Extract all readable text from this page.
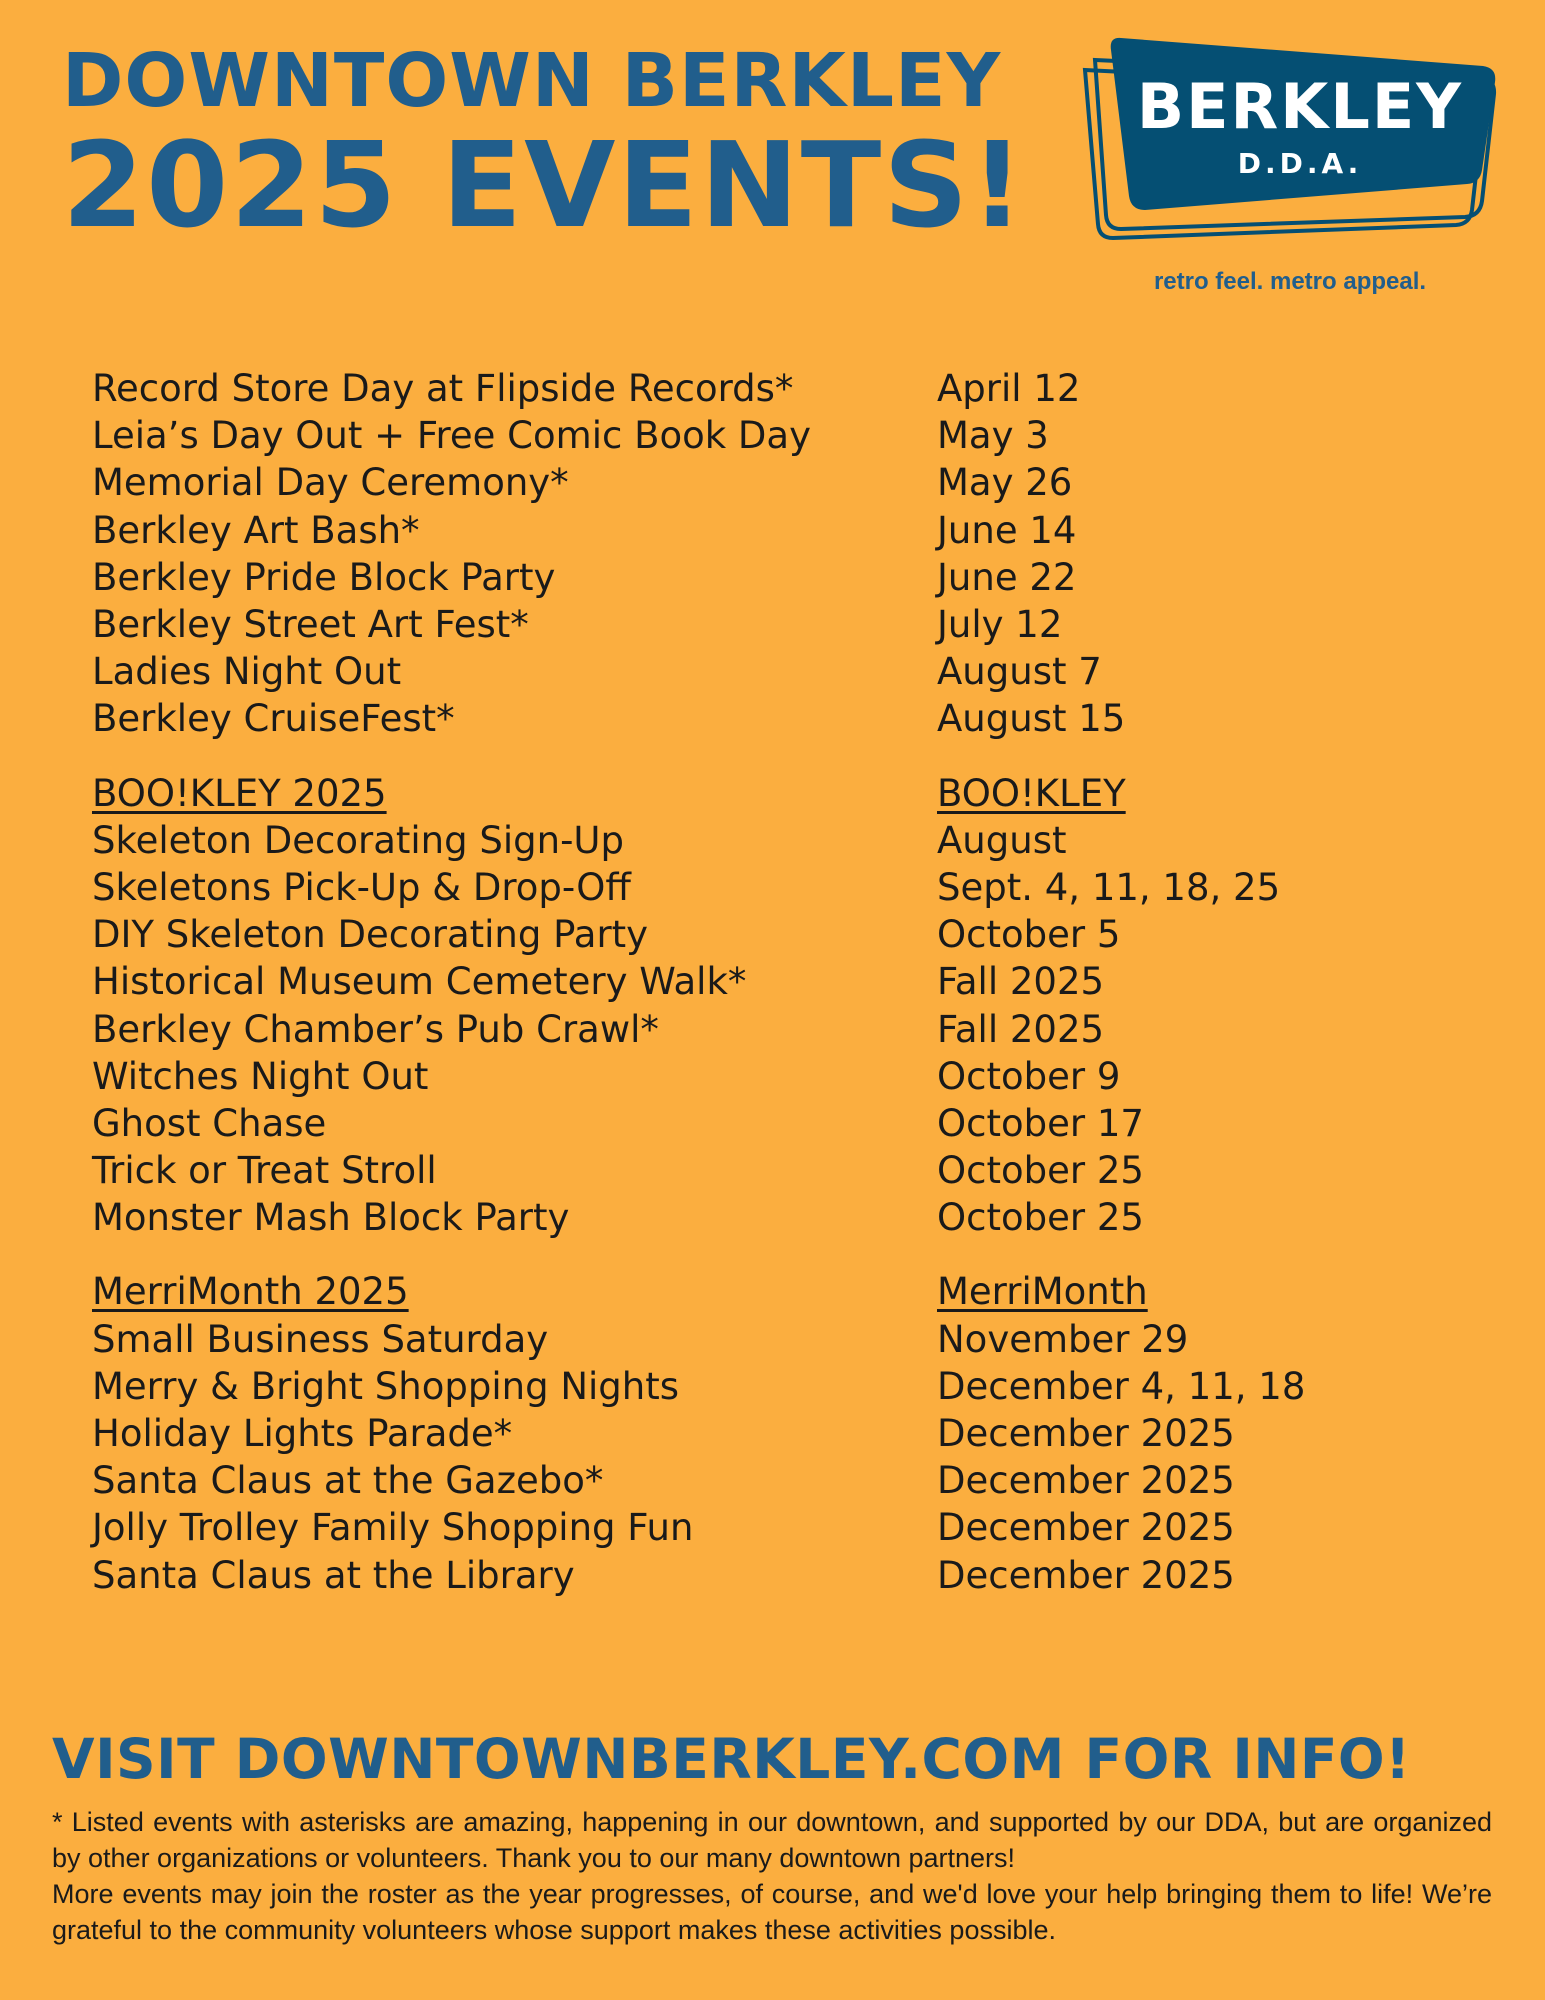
DOWNTOWN BERKLEY
2025 EVENTS!
BERKLEY
D.D.A.
retro feel. metro appeal.
Record Store Day at Flipside Records*	April 12
Leia’s Day Out + Free Comic Book Day	May 3
Memorial Day Ceremony*	May 26
Berkley Art Bash*	June 14
Berkley Pride Block Party	June 22
Berkley Street Art Fest*	July 12
Ladies Night Out	August 7
Berkley CruiseFest*	August 15
BOO!KLEY 2025	BOO!KLEY
Skeleton Decorating Sign-Up	August
Skeletons Pick-Up & Drop-Off	Sept. 4, 11, 18, 25
DIY Skeleton Decorating Party	October 5
Historical Museum Cemetery Walk*	Fall 2025
Berkley Chamber’s Pub Crawl*	Fall 2025
Witches Night Out	October 9
Ghost Chase	October 17
Trick or Treat Stroll	October 25
Monster Mash Block Party	October 25
MerriMonth 2025	MerriMonth
Small Business Saturday	November 29
Merry & Bright Shopping Nights	December 4, 11, 18
Holiday Lights Parade*	December 2025
Santa Claus at the Gazebo*	December 2025
Jolly Trolley Family Shopping Fun	December 2025
Santa Claus at the Library	December 2025
VISIT DOWNTOWNBERKLEY.COM FOR INFO!

* Listed events with asterisks are amazing, happening in our downtown, and supported by our DDA, but are organized by other organizations or volunteers. Thank you to our many downtown partners!

More events may join the roster as the year progresses, of course, and we'd love your help bringing them to life! We’re grateful to the community volunteers whose support makes these activities possible.
